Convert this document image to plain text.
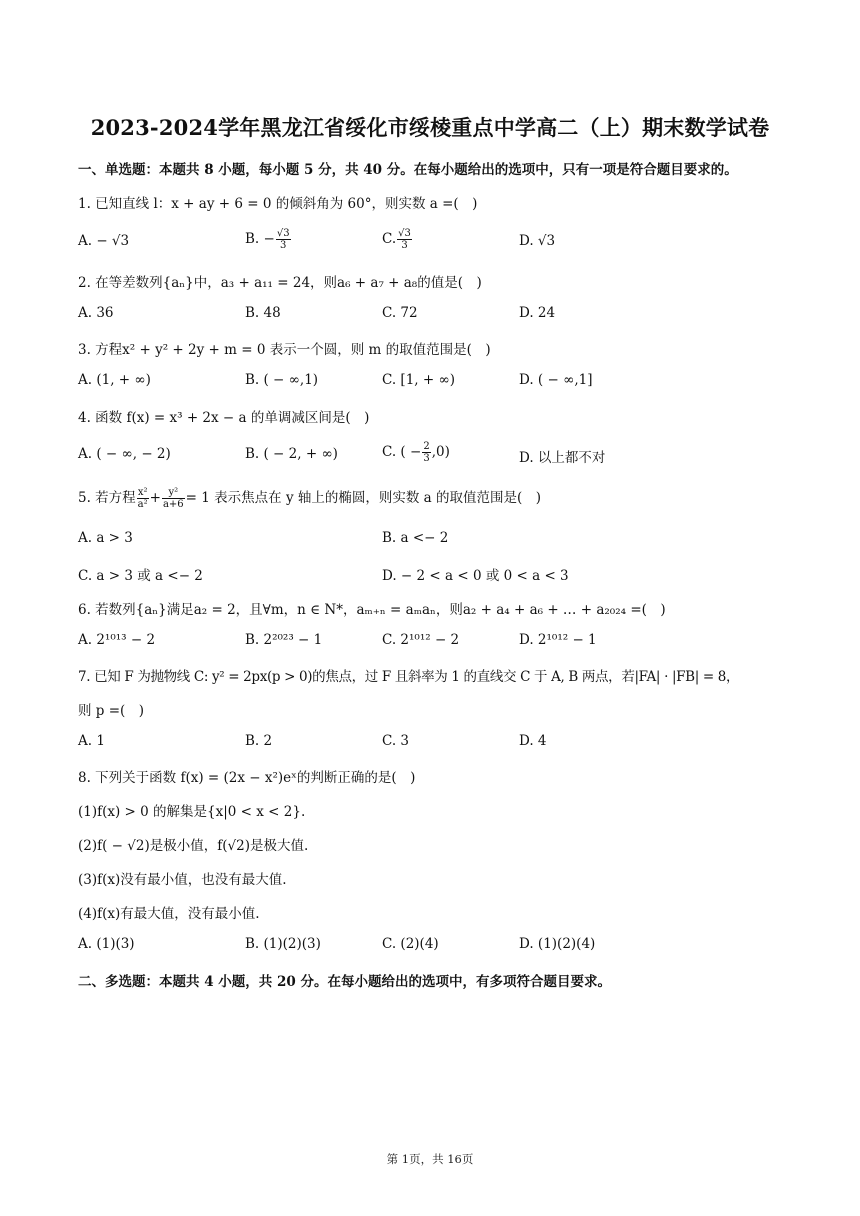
2023-2024学年黑龙江省绥化市绥棱重点中学高二（上）期末数学试卷
一、单选题：本题共 8 小题，每小题 5 分，共 40 分。在每小题给出的选项中，只有一项是符合题目要求的。
1. 已知直线 l：x + ay + 6 = 0 的倾斜角为 60°，则实数 a =(　)
A. − √3	B. − $\frac{√3}{3}$	C. $\frac{√3}{3}$	D. √3
2. 在等差数列{aₙ}中，a₃ + a₁₁ = 24，则a₆ + a₇ + a₈的值是(　)
A. 36	B. 48	C. 72	D. 24
3. 方程x² + y² + 2y + m = 0 表示一个圆，则 m 的取值范围是(　)
A. (1, + ∞)	B. ( − ∞,1)	C. [1, + ∞)	D. ( − ∞,1]
4. 函数 f(x) = x³ + 2x − a 的单调减区间是(　)
A. ( − ∞, − 2)	B. ( − 2, + ∞)	C. ( − $\frac{2}{3} ,0$)	D. 以上都不对
5. 若方程 $\frac{\text{x²}}{\text{a²}} + \frac{\text{y²}}{a+6} = 1$ 表示焦点在 y 轴上的椭圆，则实数 a 的取值范围是(　)
A. a > 3	B. a <− 2
C. a > 3 或 a <− 2	D. − 2 < a < 0 或 0 < a < 3
6. 若数列{aₙ}满足a₂ = 2，且∀m，n ∈ N*，aₘ₊ₙ = aₘaₙ，则a₂ + a₄ + a₆ + … + a₂₀₂₄ =(　)
A. 2¹⁰¹³ − 2	B. 2²⁰²³ − 1	C. 2¹⁰¹² − 2	D. 2¹⁰¹² − 1
7. 已知 F 为抛物线 C: y² = 2px(p > 0)的焦点，过 F 且斜率为 1 的直线交 C 于 A, B 两点，若|FA| · |FB| = 8，
则 p =(　)
A. 1	B. 2	C. 3	D. 4
8. 下列关于函数 f(x) = (2x − x²)eˣ的判断正确的是(　)
(1)f(x) > 0 的解集是{x|0 < x < 2}.
(2)f( − √2)是极小值，f(√2)是极大值.
(3)f(x)没有最小值，也没有最大值.
(4)f(x)有最大值，没有最小值.
A. (1)(3)	B. (1)(2)(3)	C. (2)(4)	D. (1)(2)(4)
二、多选题：本题共 4 小题，共 20 分。在每小题给出的选项中，有多项符合题目要求。
第 1页，共 16页
